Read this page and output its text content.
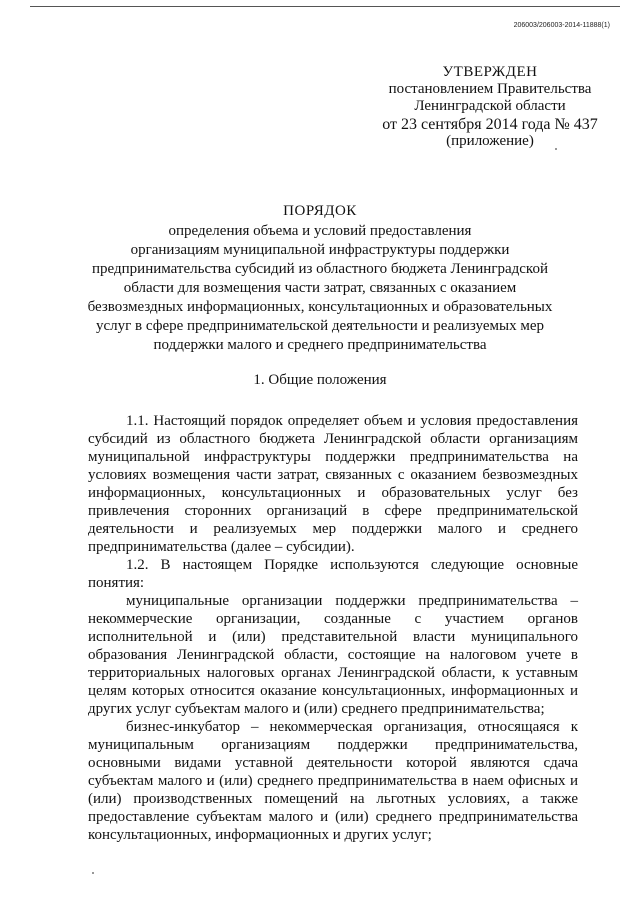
206003/206003-2014-11888(1)
УТВЕРЖДЕН
постановлением Правительства
Ленинградской области
от 23 сентября 2014 года № 437
(приложение)
ПОРЯДОК
определения объема и условий предоставления
организациям муниципальной инфраструктуры поддержки
предпринимательства субсидий из областного бюджета Ленинградской
области для возмещения части затрат, связанных с оказанием
безвозмездных информационных, консультационных и образовательных
услуг в сфере предпринимательской деятельности и реализуемых мер
поддержки малого и среднего предпринимательства
1. Общие положения

1.1. Настоящий порядок определяет объем и условия предоставления субсидий из областного бюджета Ленинградской области организациям муниципальной инфраструктуры поддержки предпринимательства на условиях возмещения части затрат, связанных с оказанием безвозмездных информационных, консультационных и образовательных услуг без привлечения сторонних организаций в сфере предпринимательской деятельности и реализуемых мер поддержки малого и среднего предпринимательства (далее – субсидии).

1.2. В настоящем Порядке используются следующие основные понятия:

муниципальные организации поддержки предпринимательства – некоммерческие организации, созданные с участием органов исполнительной и (или) представительной власти муниципального образования Ленинградской области, состоящие на налоговом учете в территориальных налоговых органах Ленинградской области, к уставным целям которых относится оказание консультационных, информационных и других услуг субъектам малого и (или) среднего предпринимательства;

бизнес-инкубатор – некоммерческая организация, относящаяся к муниципальным организациям поддержки предпринимательства, основными видами уставной деятельности которой являются сдача субъектам малого и (или) среднего предпринимательства в наем офисных и (или) производственных помещений на льготных условиях, а также предоставление субъектам малого и (или) среднего предпринимательства консультационных, информационных и других услуг;
